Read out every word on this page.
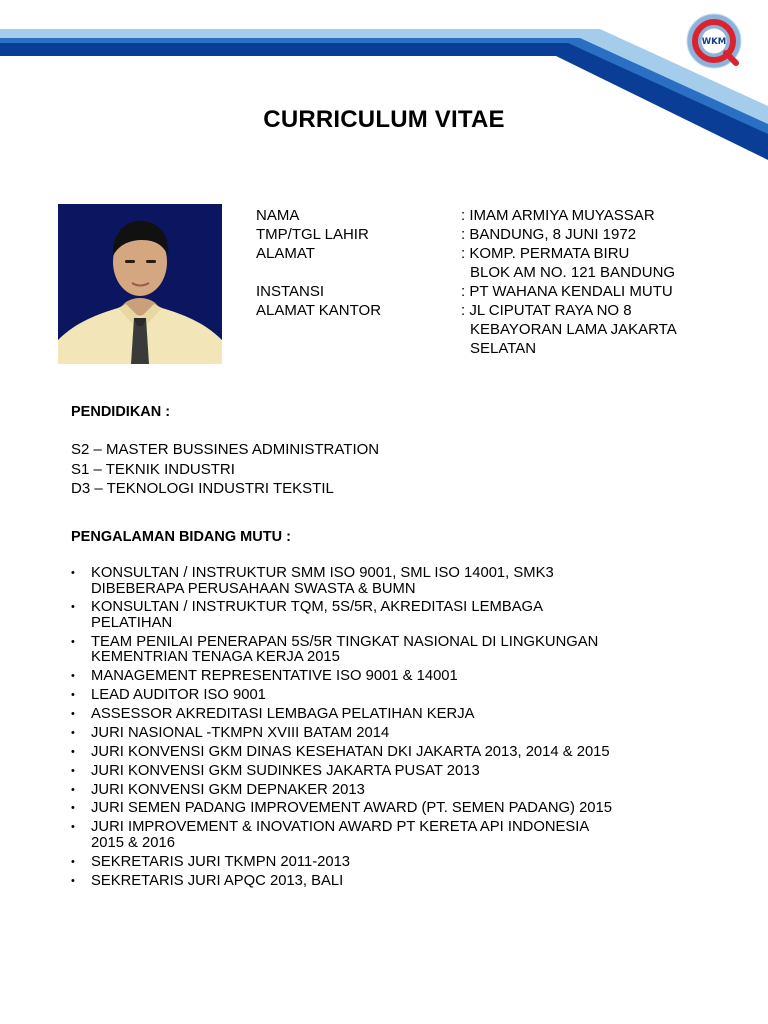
WKM
CURRICULUM VITAE
NAMA	: IMAM ARMIYA MUYASSAR
TMP/TGL LAHIR	: BANDUNG, 8 JUNI 1972
ALAMAT	: KOMP. PERMATA BIRU
BLOK AM NO. 121 BANDUNG
INSTANSI	: PT WAHANA KENDALI MUTU
ALAMAT KANTOR	: JL CIPUTAT RAYA NO 8
KEBAYORAN LAMA JAKARTA
SELATAN
PENDIDIKAN :
S2 – MASTER BUSSINES ADMINISTRATION
S1 – TEKNIK INDUSTRI
D3 – TEKNOLOGI INDUSTRI TEKSTIL
PENGALAMAN BIDANG MUTU :
•	KONSULTAN / INSTRUKTUR SMM ISO 9001, SML ISO 14001, SMK3
DIBEBERAPA PERUSAHAAN SWASTA & BUMN
•	KONSULTAN / INSTRUKTUR TQM, 5S/5R, AKREDITASI LEMBAGA
PELATIHAN
•	TEAM PENILAI PENERAPAN 5S/5R TINGKAT NASIONAL DI LINGKUNGAN
KEMENTRIAN TENAGA KERJA 2015
•	MANAGEMENT REPRESENTATIVE ISO 9001 & 14001
•	LEAD AUDITOR ISO 9001
•	ASSESSOR AKREDITASI LEMBAGA PELATIHAN KERJA
•	JURI NASIONAL -TKMPN XVIII BATAM 2014
•	JURI KONVENSI GKM DINAS KESEHATAN DKI JAKARTA 2013, 2014 & 2015
•	JURI KONVENSI GKM SUDINKES JAKARTA PUSAT 2013
•	JURI KONVENSI GKM DEPNAKER 2013
•	JURI SEMEN PADANG IMPROVEMENT AWARD (PT. SEMEN PADANG) 2015
•	JURI IMPROVEMENT & INOVATION AWARD PT KERETA API INDONESIA
2015 & 2016
•	SEKRETARIS JURI TKMPN 2011-2013
•	SEKRETARIS JURI APQC 2013, BALI
